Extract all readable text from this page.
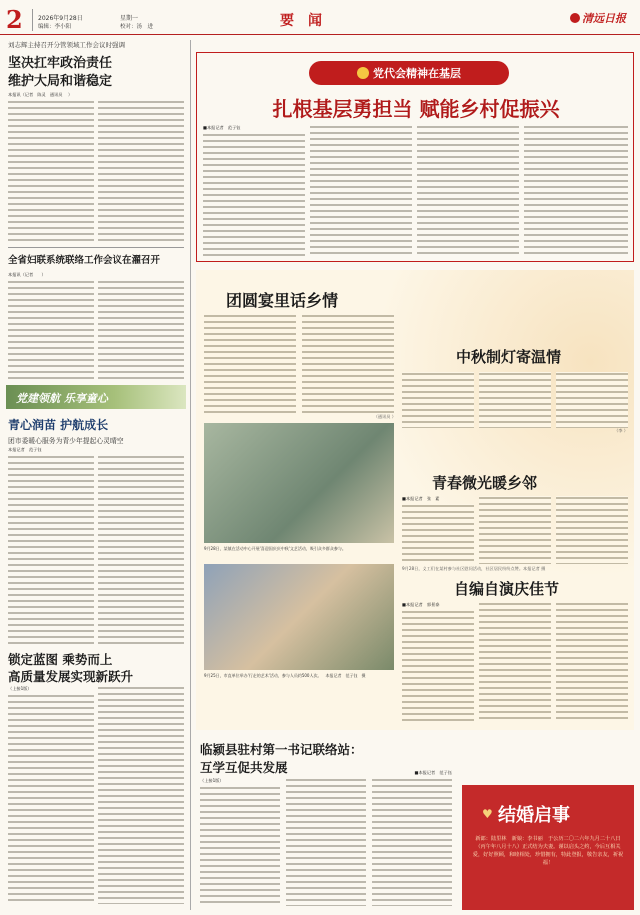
2	2026年9月28日	星期一
编辑：李小阳	校对：汤　进	要　闻	清远日报
刘志辉主持召开分管领域工作会议时强调
坚决扛牢政治责任
维护大局和谐稳定
本报讯（记者　陈灵　通讯员　 ）
全省妇联系统联络工作会议在濯召开
本报讯（记者　　）
党建领航 乐享童心
青心润苗 护航成长
团市委暖心服务为青少年提起心灵晴空
本报记者　范子钰
锁定蓝图 乘势而上
高质量发展实现新跃升
（上接1版）
党代会精神在基层
扎根基层勇担当 赋能乡村促振兴
■本报记者　范子钰
团圆宴里话乡情
（通讯员 ）
9月28日，某镇在活动中心开展'喜迎国庆庆中秋'文艺活动，吸引众多群众参与。
9月25日，市直单位举办'行走的艺术'活动，参与人员约500人次。　本报记者　范子钰　摄
中秋制灯寄温情
（李 ）
青春微光暖乡邻
■本报记者　张　素
自编自演庆佳节
■本报记者　郭景泰
9月28日，义工们在某村参与社区慰问活动，社区居民纷纷点赞。本报记者 摄
临颍县驻村第一书记联络站：
互学互促共发展
（上接1版）
■本报记者　范子钰
♥ 结婚启事
新郎：陆里林　新娘：李书丽　于公历二〇二六年九月二十八日（丙午年八月十八）正式结为夫妻。谨以启头之约，今后互相关爱，好好照顾，和睦相处，珍惜拥有，特此登报，敬告亲友，祈祝福！
